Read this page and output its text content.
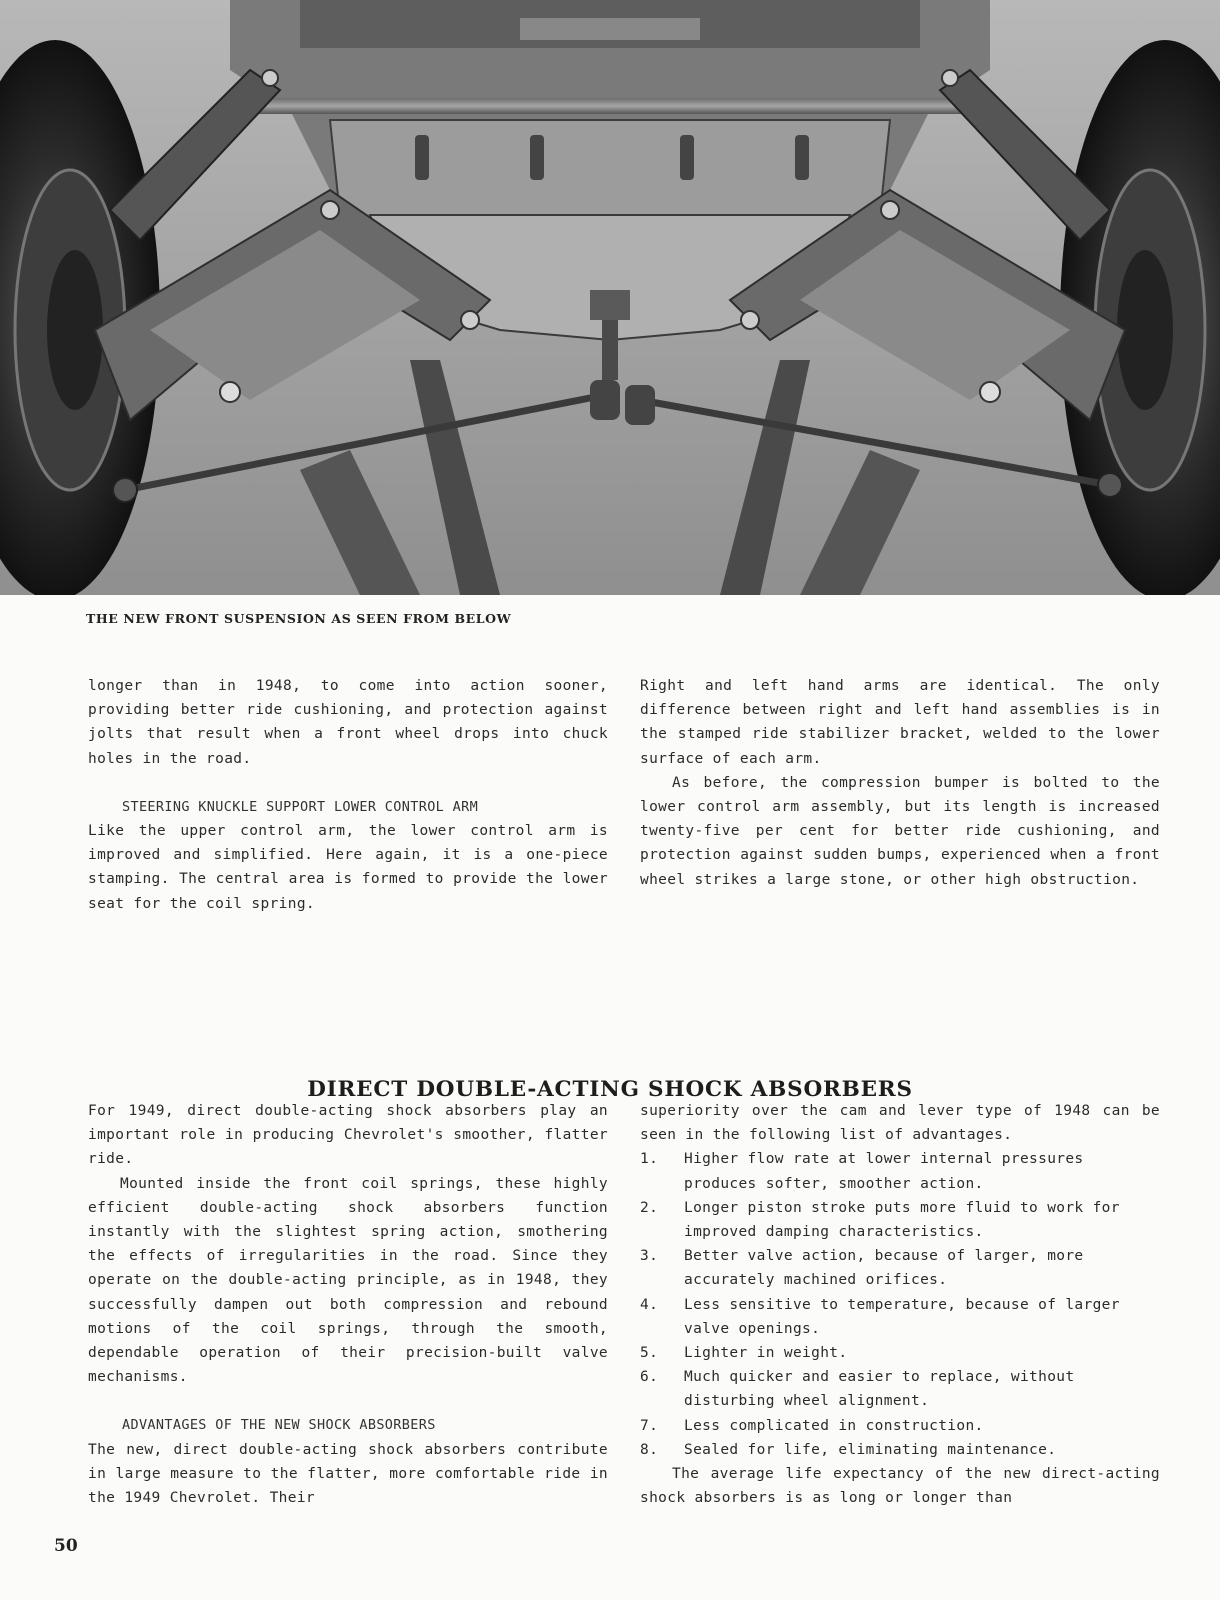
THE NEW FRONT SUSPENSION AS SEEN FROM BELOW

longer than in 1948, to come into action sooner, providing better ride cushioning, and protection against jolts that result when a front wheel drops into chuck holes in the road.

STEERING KNUCKLE SUPPORT LOWER CONTROL ARM

Like the upper control arm, the lower control arm is improved and simplified. Here again, it is a one-piece stamping. The central area is formed to provide the lower seat for the coil spring.

Right and left hand arms are identical. The only difference between right and left hand assemblies is in the stamped ride stabilizer bracket, welded to the lower surface of each arm.

As before, the compression bumper is bolted to the lower control arm assembly, but its length is increased twenty-five per cent for better ride cushioning, and protection against sudden bumps, experienced when a front wheel strikes a large stone, or other high obstruction.

DIRECT DOUBLE-ACTING SHOCK ABSORBERS

For 1949, direct double-acting shock absorbers play an important role in producing Chevrolet's smoother, flatter ride.

Mounted inside the front coil springs, these highly efficient double-acting shock absorbers function instantly with the slightest spring action, smothering the effects of irregularities in the road. Since they operate on the double-acting principle, as in 1948, they successfully dampen out both compression and rebound motions of the coil springs, through the smooth, dependable operation of their precision-built valve mechanisms.

ADVANTAGES OF THE NEW SHOCK ABSORBERS

The new, direct double-acting shock absorbers contribute in large measure to the flatter, more comfortable ride in the 1949 Chevrolet. Their

superiority over the cam and lever type of 1948 can be seen in the following list of advantages.

1.	Higher flow rate at lower internal pressures produces softer, smoother action.
2.	Longer piston stroke puts more fluid to work for improved damping characteristics.
3.	Better valve action, because of larger, more accurately machined orifices.
4.	Less sensitive to temperature, because of larger valve openings.
5.	Lighter in weight.
6.	Much quicker and easier to replace, without disturbing wheel alignment.
7.	Less complicated in construction.
8.	Sealed for life, eliminating maintenance.

The average life expectancy of the new direct-acting shock absorbers is as long or longer than

50
